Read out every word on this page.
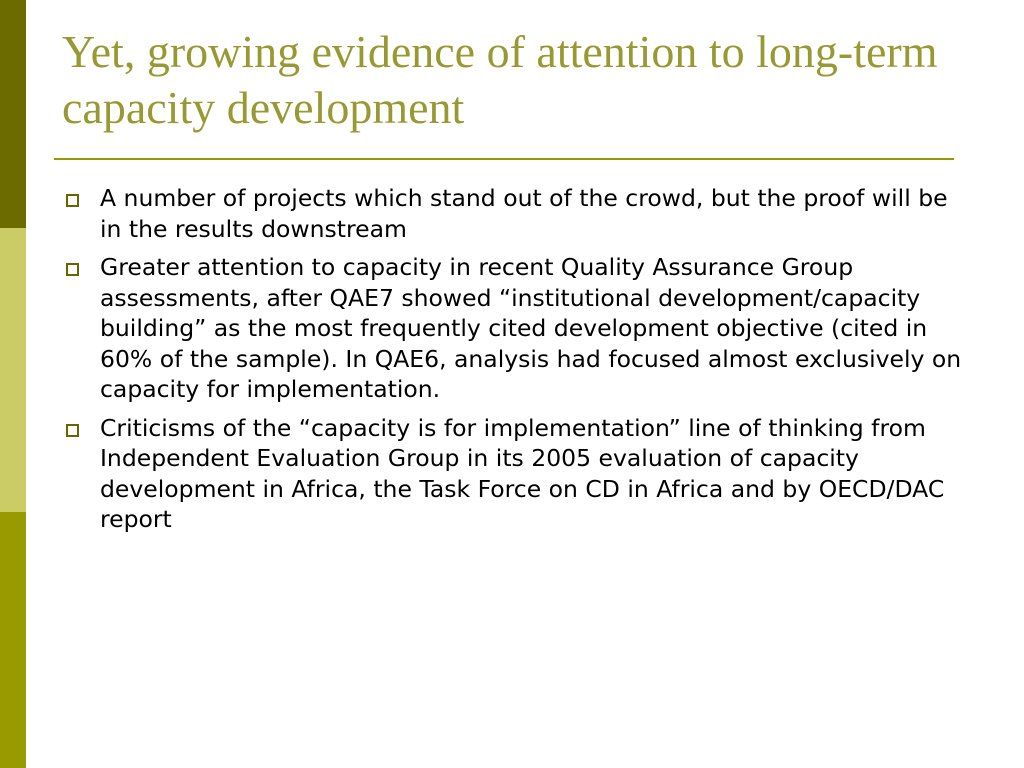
Yet, growing evidence of attention to long-term capacity development
A number of projects which stand out of the crowd, but the proof will be in the results downstream
Greater attention to capacity in recent Quality Assurance Group assessments, after QAE7 showed “institutional development/capacity building” as the most frequently cited development objective (cited in 60% of the sample). In QAE6, analysis had focused almost exclusively on capacity for implementation.
Criticisms of the “capacity is for implementation” line of thinking from Independent Evaluation Group in its 2005 evaluation of capacity development in Africa, the Task Force on CD in Africa and by OECD/DAC report
